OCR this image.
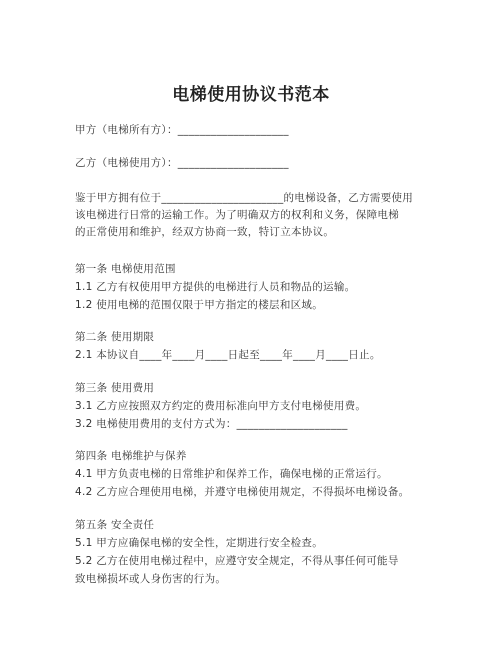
电梯使用协议书范本
甲方（电梯所有方）：____________________
乙方（电梯使用方）：____________________
鉴于甲方拥有位于______________________的电梯设备，乙方需要使用
该电梯进行日常的运输工作。为了明确双方的权利和义务，保障电梯
的正常使用和维护，经双方协商一致，特订立本协议。
第一条 电梯使用范围
1.1 乙方有权使用甲方提供的电梯进行人员和物品的运输。
1.2 使用电梯的范围仅限于甲方指定的楼层和区域。
第二条 使用期限
2.1 本协议自____年____月____日起至____年____月____日止。
第三条 使用费用
3.1 乙方应按照双方约定的费用标准向甲方支付电梯使用费。
3.2 电梯使用费用的支付方式为：____________________
第四条 电梯维护与保养
4.1 甲方负责电梯的日常维护和保养工作，确保电梯的正常运行。
4.2 乙方应合理使用电梯，并遵守电梯使用规定，不得损坏电梯设备。
第五条 安全责任
5.1 甲方应确保电梯的安全性，定期进行安全检查。
5.2 乙方在使用电梯过程中，应遵守安全规定，不得从事任何可能导
致电梯损坏或人身伤害的行为。
